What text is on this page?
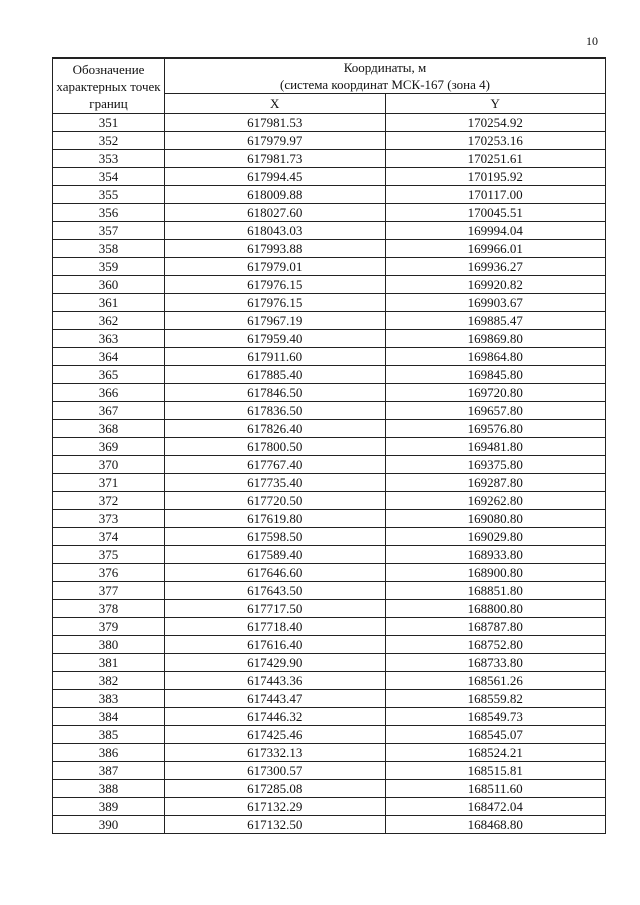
10
Обозначение характерных точек границ	Координаты, м
(система координат МСК-167 (зона 4)	

	X	Y
351	617981.53	170254.92
352	617979.97	170253.16
353	617981.73	170251.61
354	617994.45	170195.92
355	618009.88	170117.00
356	618027.60	170045.51
357	618043.03	169994.04
358	617993.88	169966.01
359	617979.01	169936.27
360	617976.15	169920.82
361	617976.15	169903.67
362	617967.19	169885.47
363	617959.40	169869.80
364	617911.60	169864.80
365	617885.40	169845.80
366	617846.50	169720.80
367	617836.50	169657.80
368	617826.40	169576.80
369	617800.50	169481.80
370	617767.40	169375.80
371	617735.40	169287.80
372	617720.50	169262.80
373	617619.80	169080.80
374	617598.50	169029.80
375	617589.40	168933.80
376	617646.60	168900.80
377	617643.50	168851.80
378	617717.50	168800.80
379	617718.40	168787.80
380	617616.40	168752.80
381	617429.90	168733.80
382	617443.36	168561.26
383	617443.47	168559.82
384	617446.32	168549.73
385	617425.46	168545.07
386	617332.13	168524.21
387	617300.57	168515.81
388	617285.08	168511.60
389	617132.29	168472.04
390	617132.50	168468.80
